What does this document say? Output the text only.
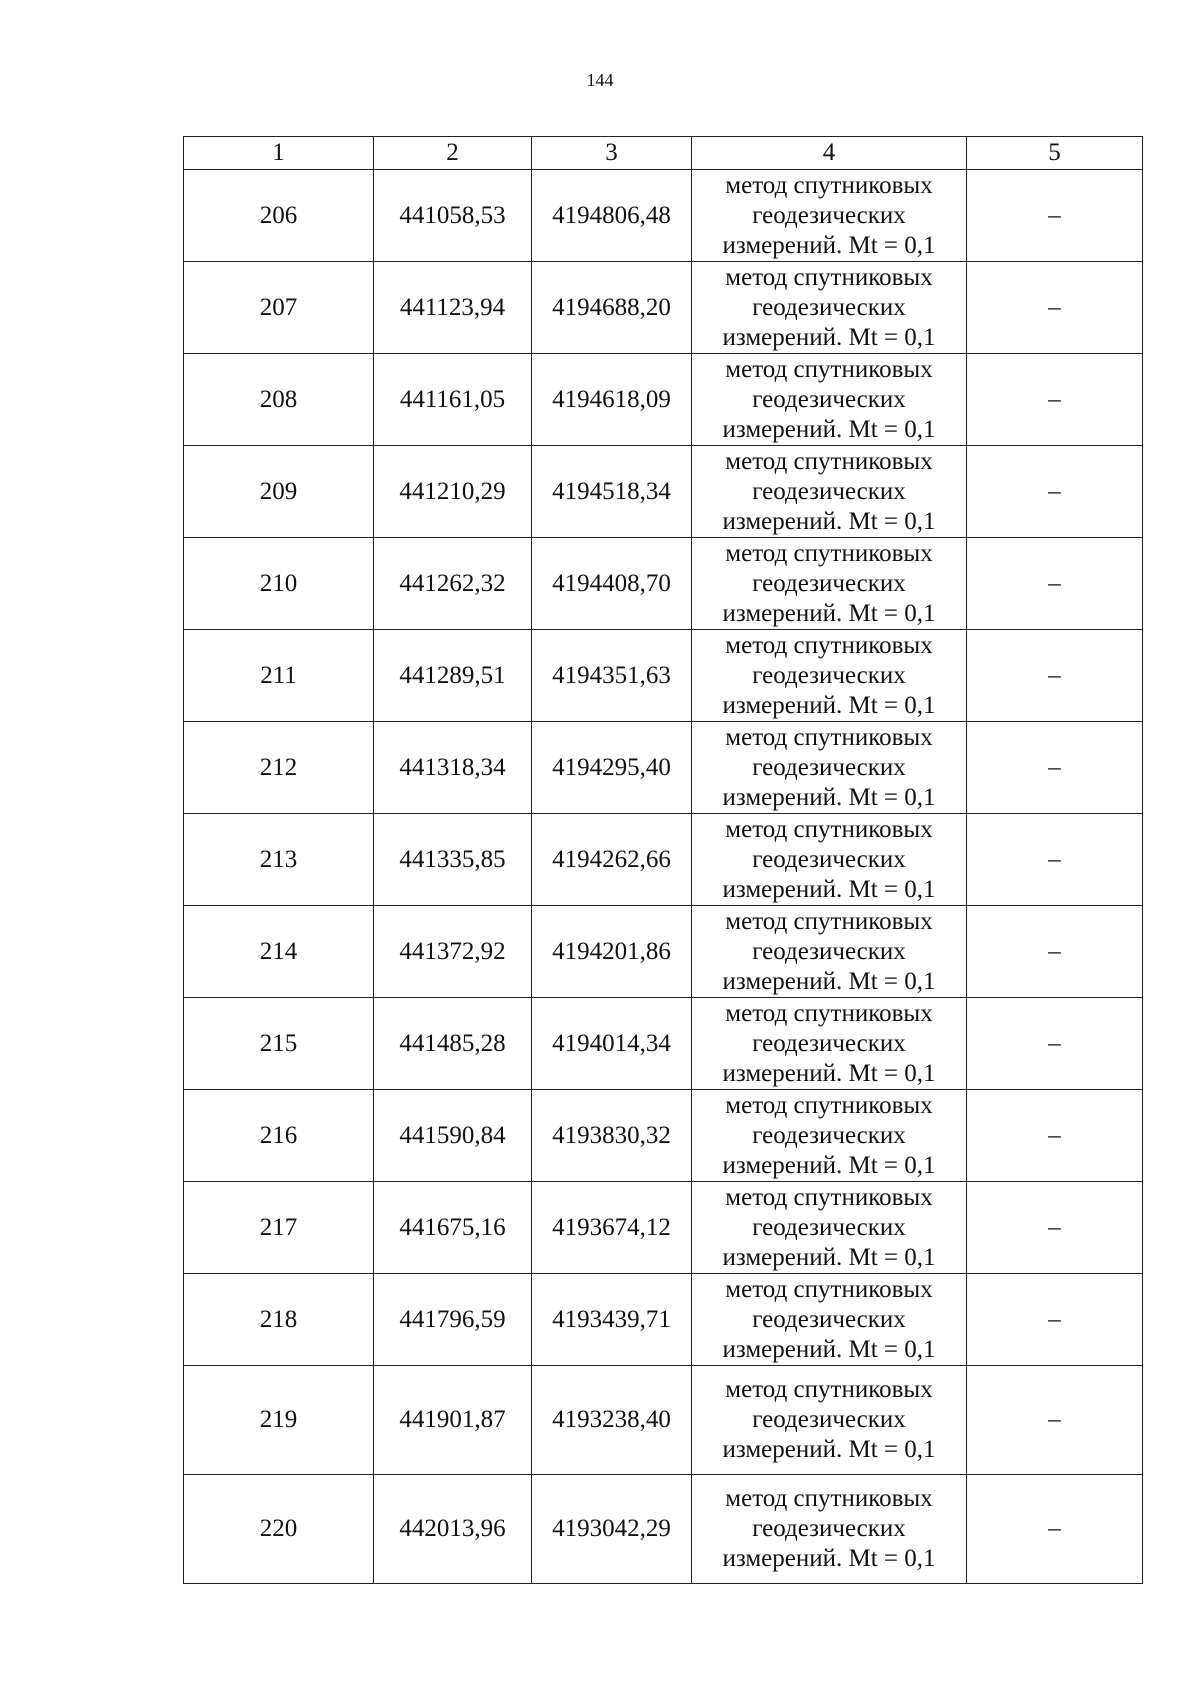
144
1	2	3	4	5
206	441058,53	4194806,48	метод спутниковых
геодезических
измерений. Mt = 0,1	–
207	441123,94	4194688,20	метод спутниковых
геодезических
измерений. Mt = 0,1	–
208	441161,05	4194618,09	метод спутниковых
геодезических
измерений. Mt = 0,1	–
209	441210,29	4194518,34	метод спутниковых
геодезических
измерений. Mt = 0,1	–
210	441262,32	4194408,70	метод спутниковых
геодезических
измерений. Mt = 0,1	–
211	441289,51	4194351,63	метод спутниковых
геодезических
измерений. Mt = 0,1	–
212	441318,34	4194295,40	метод спутниковых
геодезических
измерений. Mt = 0,1	–
213	441335,85	4194262,66	метод спутниковых
геодезических
измерений. Mt = 0,1	–
214	441372,92	4194201,86	метод спутниковых
геодезических
измерений. Mt = 0,1	–
215	441485,28	4194014,34	метод спутниковых
геодезических
измерений. Mt = 0,1	–
216	441590,84	4193830,32	метод спутниковых
геодезических
измерений. Mt = 0,1	–
217	441675,16	4193674,12	метод спутниковых
геодезических
измерений. Mt = 0,1	–
218	441796,59	4193439,71	метод спутниковых
геодезических
измерений. Mt = 0,1	–
219	441901,87	4193238,40	метод спутниковых
геодезических
измерений. Mt = 0,1	–
220	442013,96	4193042,29	метод спутниковых
геодезических
измерений. Mt = 0,1	–
